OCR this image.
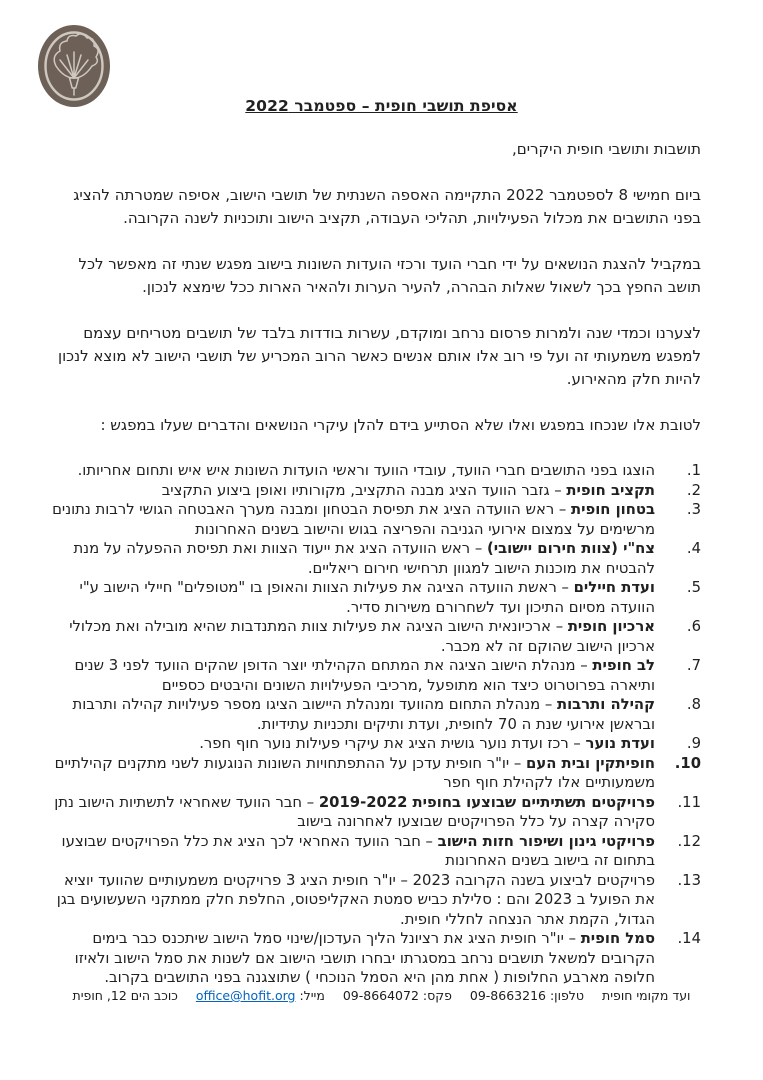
אסיפת תושבי חופית – ספטמבר 2022

תושבות ותושבי חופית היקרים,

ביום חמישי 8 לספטמבר 2022 התקיימה האספה השנתית של תושבי הישוב, אסיפה שמטרתה להציג בפני התושבים את מכלול הפעילויות, תהליכי העבודה, תקציב הישוב ותוכניות לשנה הקרובה.

במקביל להצגת הנושאים על ידי חברי הועד ורכזי הועדות השונות בישוב מפגש שנתי זה מאפשר לכל תושב החפץ בכך לשאול שאלות הבהרה, להעיר הערות ולהאיר הארות ככל שימצא לנכון.

לצערנו וכמדי שנה ולמרות פרסום נרחב ומוקדם, עשרות בודדות בלבד של תושבים מטריחים עצמם למפגש משמעותי זה ועל פי רוב אלו אותם אנשים כאשר הרוב המכריע של תושבי הישוב לא מוצא לנכון להיות חלק מהאירוע.

לטובת אלו שנכחו במפגש ואלו שלא הסתייע בידם להלן עיקרי הנושאים והדברים שעלו במפגש :

1.
הוצגו בפני התושבים חברי הוועד, עובדי הוועד וראשי הועדות השונות איש איש ותחום אחריותו.
2.
תקציב חופית – גזבר הוועד הציג מבנה התקציב, מקורותיו ואופן ביצוע התקציב
3.
בטחון חופית – ראש הוועדה הציג את תפיסת הבטחון ומבנה מערך האבטחה הגושי לרבות נתונים מרשימים על צמצום אירועי הגניבה והפריצה בגוש והישוב בשנים האחרונות
4.
צח"י (צוות חירום יישובי) – ראש הוועדה הציג את ייעוד הצוות ואת תפיסת ההפעלה על מנת להבטיח את מוכנות הישוב למגוון תרחישי חירום ריאליים.
5.
ועדת חיילים – ראשת הוועדה הציגה את פעילות הצוות והאופן בו "מטופלים" חיילי הישוב ע"י הוועדה מסיום התיכון ועד לשחרורם משירות סדיר.
6.
ארכיון חופית – ארכיונאית הישוב הציגה את פעילות צוות המתנדבות שהיא מובילה ואת מכלולי ארכיון הישוב שהוקם זה לא מכבר.
7.
לב חופית – מנהלת הישוב הציגה את המתחם הקהילתי יוצר הדופן שהקים הוועד לפני 3 שנים ותיארה בפרוטרוט כיצד הוא מתופעל ,מרכיבי הפעילויות השונים והיבטים כספיים
8.
קהילה ותרבות – מנהלת התחום מהוועד ומנהלת היישוב הציגו מספר פעילויות קהילה ותרבות ובראשן אירועי שנת ה 70 לחופית, ועדת ותיקים ותכניות עתידיות.
9.
ועדת נוער – רכז ועדת נוער גושית הציג את עיקרי פעילות נוער חוף חפר.
10.
חופיתקין ובית העם – יו"ר חופית עדכן על ההתפתחויות השונות הנוגעות לשני מתקנים קהילתיים משמעותיים אלו לקהילת חוף חפר
11.
פרויקטים תשתיתיים שבוצעו בחופית 2019-2022 – חבר הוועד שאחראי לתשתיות הישוב נתן סקירה קצרה על כלל הפרויקטים שבוצעו לאחרונה בישוב
12.
פרויקטי גינון ושיפור חזות הישוב – חבר הוועד האחראי לכך הציג את כלל הפרויקטים שבוצעו בתחום זה בישוב בשנים האחרונות
13.
פרויקטים לביצוע בשנה הקרובה 2023 – יו"ר חופית הציג 3 פרויקטים משמעותיים שהוועד יוציא את הפועל ב 2023 והם : סלילת כביש סמטת האקליפטוס, החלפת חלק ממתקני השעשועים בגן הגדול, הקמת אתר הנצחה לחללי חופית.
14.
סמל חופית – יו"ר חופית הציג את רציונל הליך העדכון/שינוי סמל הישוב שיתכנס כבר בימים הקרובים למשאל תושבים נרחב במסגרתו יבחרו תושבי הישוב אם לשנות את סמל הישוב ולאיזו חלופה מארבע החלופות ( אחת מהן היא הסמל הנוכחי ) שתוצגנה בפני התושבים בקרוב.
ועד מקומי חופית טלפון: 09-8663216 פקס: 09-8664072 מייל: office@hofit.org כוכב הים 12, חופית
